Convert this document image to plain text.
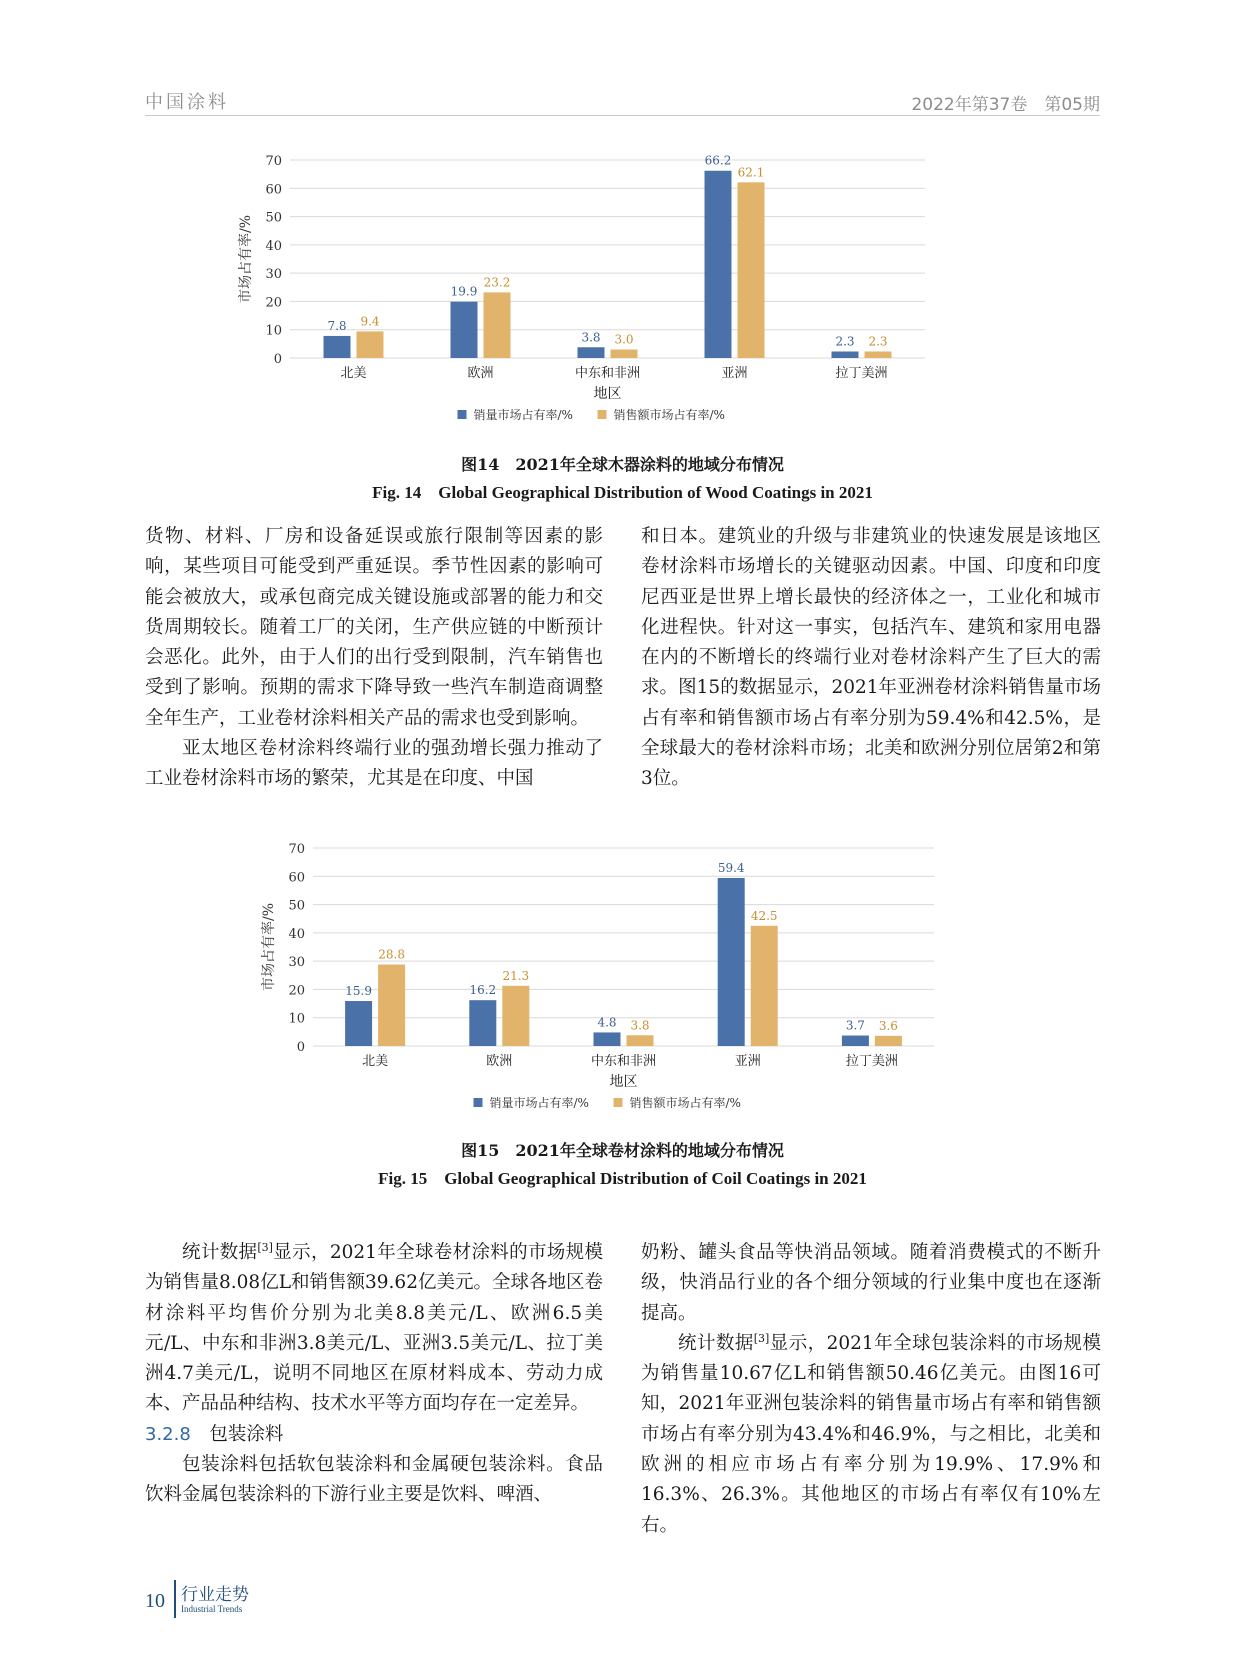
中国涂料	2022年第37卷　第05期
0
10
20
30
40
50
60
70
市场占有率/%
7.8 9.4
北美
19.9
23.2
欧洲
3.8 3.0
中东和非洲
66.2
62.1
亚洲
2.3 2.3
拉丁美洲
地区
销量市场占有率/%	销售额市场占有率/%
图14　2021年全球木器涂料的地域分布情况
Fig. 14　Global Geographical Distribution of Wood Coatings in 2021

货物、材料、厂房和设备延误或旅行限制等因素的影响，某些项目可能受到严重延误。季节性因素的影响可能会被放大，或承包商完成关键设施或部署的能力和交货周期较长。随着工厂的关闭，生产供应链的中断预计会恶化。此外，由于人们的出行受到限制，汽车销售也受到了影响。预期的需求下降导致一些汽车制造商调整全年生产，工业卷材涂料相关产品的需求也受到影响。

亚太地区卷材涂料终端行业的强劲增长强力推动了工业卷材涂料市场的繁荣，尤其是在印度、中国

和日本。建筑业的升级与非建筑业的快速发展是该地区卷材涂料市场增长的关键驱动因素。中国、印度和印度尼西亚是世界上增长最快的经济体之一，工业化和城市化进程快。针对这一事实，包括汽车、建筑和家用电器在内的不断增长的终端行业对卷材涂料产生了巨大的需求。图15的数据显示，2021年亚洲卷材涂料销售量市场占有率和销售额市场占有率分别为59.4%和42.5%，是全球最大的卷材涂料市场；北美和欧洲分别位居第2和第3位。

0
10
20
30
40
50
60
70
市场占有率/%
15.9
28.8
北美
16.2
21.3
欧洲
4.8 3.8
中东和非洲
59.4
42.5
亚洲
3.7 3.6
拉丁美洲
地区
销量市场占有率/%	销售额市场占有率/%
图15　2021年全球卷材涂料的地域分布情况
Fig. 15　Global Geographical Distribution of Coil Coatings in 2021

统计数据[3]显示，2021年全球卷材涂料的市场规模为销售量8.08亿L和销售额39.62亿美元。全球各地区卷材涂料平均售价分别为北美8.8美元/L、欧洲6.5美元/L、中东和非洲3.8美元/L、亚洲3.5美元/L、拉丁美洲4.7美元/L，说明不同地区在原材料成本、劳动力成本、产品品种结构、技术水平等方面均存在一定差异。

3.2.8　 包装涂料

包装涂料包括软包装涂料和金属硬包装涂料。食品饮料金属包装涂料的下游行业主要是饮料、啤酒、

奶粉、罐头食品等快消品领域。随着消费模式的不断升级，快消品行业的各个细分领域的行业集中度也在逐渐提高。

统计数据[3]显示，2021年全球包装涂料的市场规模为销售量10.67亿L和销售额50.46亿美元。由图16可知，2021年亚洲包装涂料的销售量市场占有率和销售额市场占有率分别为43.4%和46.9%，与之相比，北美和欧洲的相应市场占有率分别为19.9%、17.9%和16.3%、26.3%。其他地区的市场占有率仅有10%左右。

10 行业走势
Industrial Trends
